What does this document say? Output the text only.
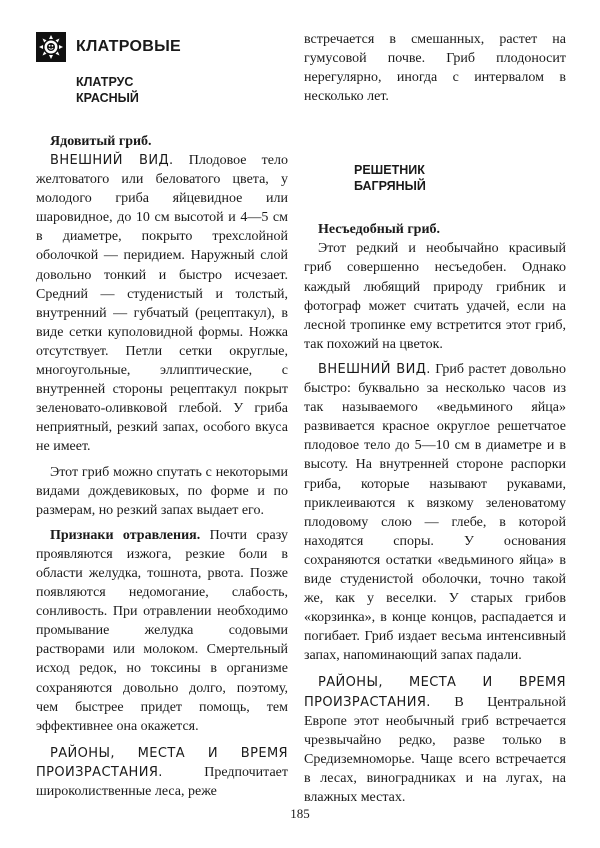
КЛАТРОВЫЕ
КЛАТРУС
КРАСНЫЙ
Ядовитый гриб.

ВНЕШНИЙ ВИД. Плодовое тело желтоватого или беловатого цвета, у молодого гриба яйцевидное или шаровидное, до 10 см высотой и 4—5 см в диаметре, покрыто трехслойной оболочкой — перидием. Наружный слой довольно тонкий и быстро исчезает. Средний — студенистый и толстый, внутренний — губчатый (рецептакул), в виде сетки куполовидной формы. Ножка отсутствует. Петли сетки округлые, многоугольные, эллиптические, с внутренней стороны рецептакул покрыт зеленовато-оливковой глебой. У гриба неприятный, резкий запах, особого вкуса не имеет.

Этот гриб можно спутать с некоторыми видами дождевиковых, по форме и по размерам, но резкий запах выдает его.

Признаки отравления. Почти сразу проявляются изжога, резкие боли в области желудка, тошнота, рвота. Позже появляются недомогание, слабость, сонливость. При отравлении необходимо промывание желудка содовыми растворами или молоком. Смертельный исход редок, но токсины в организме сохраняются довольно долго, поэтому, чем быстрее придет помощь, тем эффективнее она окажется.

РАЙОНЫ, МЕСТА И ВРЕМЯ ПРОИЗРАСТАНИЯ. Предпочитает широколиственные леса, реже

встречается в смешанных, растет на гумусовой почве. Гриб плодоносит нерегулярно, иногда с интервалом в несколько лет.

РЕШЕТНИК
БАГРЯНЫЙ
Несъедобный гриб.

Этот редкий и необычайно красивый гриб совершенно несъедобен. Однако каждый любящий природу грибник и фотограф может считать удачей, если на лесной тропинке ему встретится этот гриб, так похожий на цветок.

ВНЕШНИЙ ВИД. Гриб растет довольно быстро: буквально за несколько часов из так называемого «ведьминого яйца» развивается красное округлое решетчатое плодовое тело до 5—10 см в диаметре и в высоту. На внутренней стороне распорки гриба, которые называют рукавами, приклеиваются к вязкому зеленоватому плодовому слою — глебе, в которой находятся споры. У основания сохраняются остатки «ведьминого яйца» в виде студенистой оболочки, точно такой же, как у веселки. У старых грибов «корзинка», в конце концов, распадается и погибает. Гриб издает весьма интенсивный запах, напоминающий запах падали.

РАЙОНЫ, МЕСТА И ВРЕМЯ ПРОИЗРАСТАНИЯ. В Центральной Европе этот необычный гриб встречается чрезвычайно редко, разве только в Средиземноморье. Чаще всего встречается в лесах, виноградниках и на лугах, на влажных местах.

185
